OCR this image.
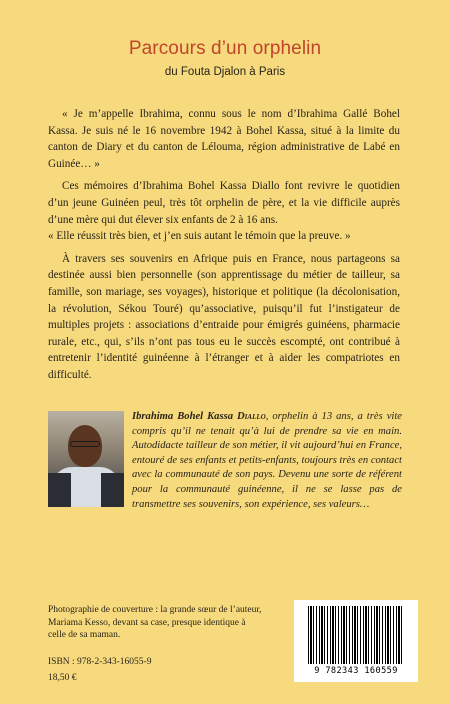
Parcours d’un orphelin
du Fouta Djalon à Paris

« Je m’appelle Ibrahima, connu sous le nom d’Ibrahima Gallé Bohel Kassa. Je suis né le 16 novembre 1942 à Bohel Kassa, situé à la limite du canton de Diary et du canton de Lélouma, région administrative de Labé en Guinée… »

Ces mémoires d’Ibrahima Bohel Kassa Diallo font revivre le quotidien d’un jeune Guinéen peul, très tôt orphelin de père, et la vie difficile auprès d’une mère qui dut élever six enfants de 2 à 16 ans.
« Elle réussit très bien, et j’en suis autant le témoin que la preuve. »

À travers ses souvenirs en Afrique puis en France, nous partageons sa destinée aussi bien personnelle (son apprentissage du métier de tailleur, sa famille, son mariage, ses voyages), historique et politique (la décolonisation, la révolution, Sékou Touré) qu’associative, puisqu’il fut l’instigateur de multiples projets : associations d’entraide pour émigrés guinéens, pharmacie rurale, etc., qui, s’ils n’ont pas tous eu le succès escompté, ont contribué à entretenir l’identité guinéenne à l’étranger et à aider les compatriotes en difficulté.

Ibrahima Bohel Kassa Diallo, orphelin à 13 ans, a très vite compris qu’il ne tenait qu’à lui de prendre sa vie en main. Autodidacte tailleur de son métier, il vit aujourd’hui en France, entouré de ses enfants et petits-enfants, toujours très en contact avec la communauté de son pays. Devenu une sorte de référent pour la communauté guinéenne, il ne se lasse pas de transmettre ses souvenirs, son expérience, ses valeurs…
Photographie de couverture : la grande sœur de l’auteur, Mariama Kesso, devant sa case, presque identique à celle de sa maman.
ISBN : 978-2-343-16055-9
18,50 €
9 782343 160559
